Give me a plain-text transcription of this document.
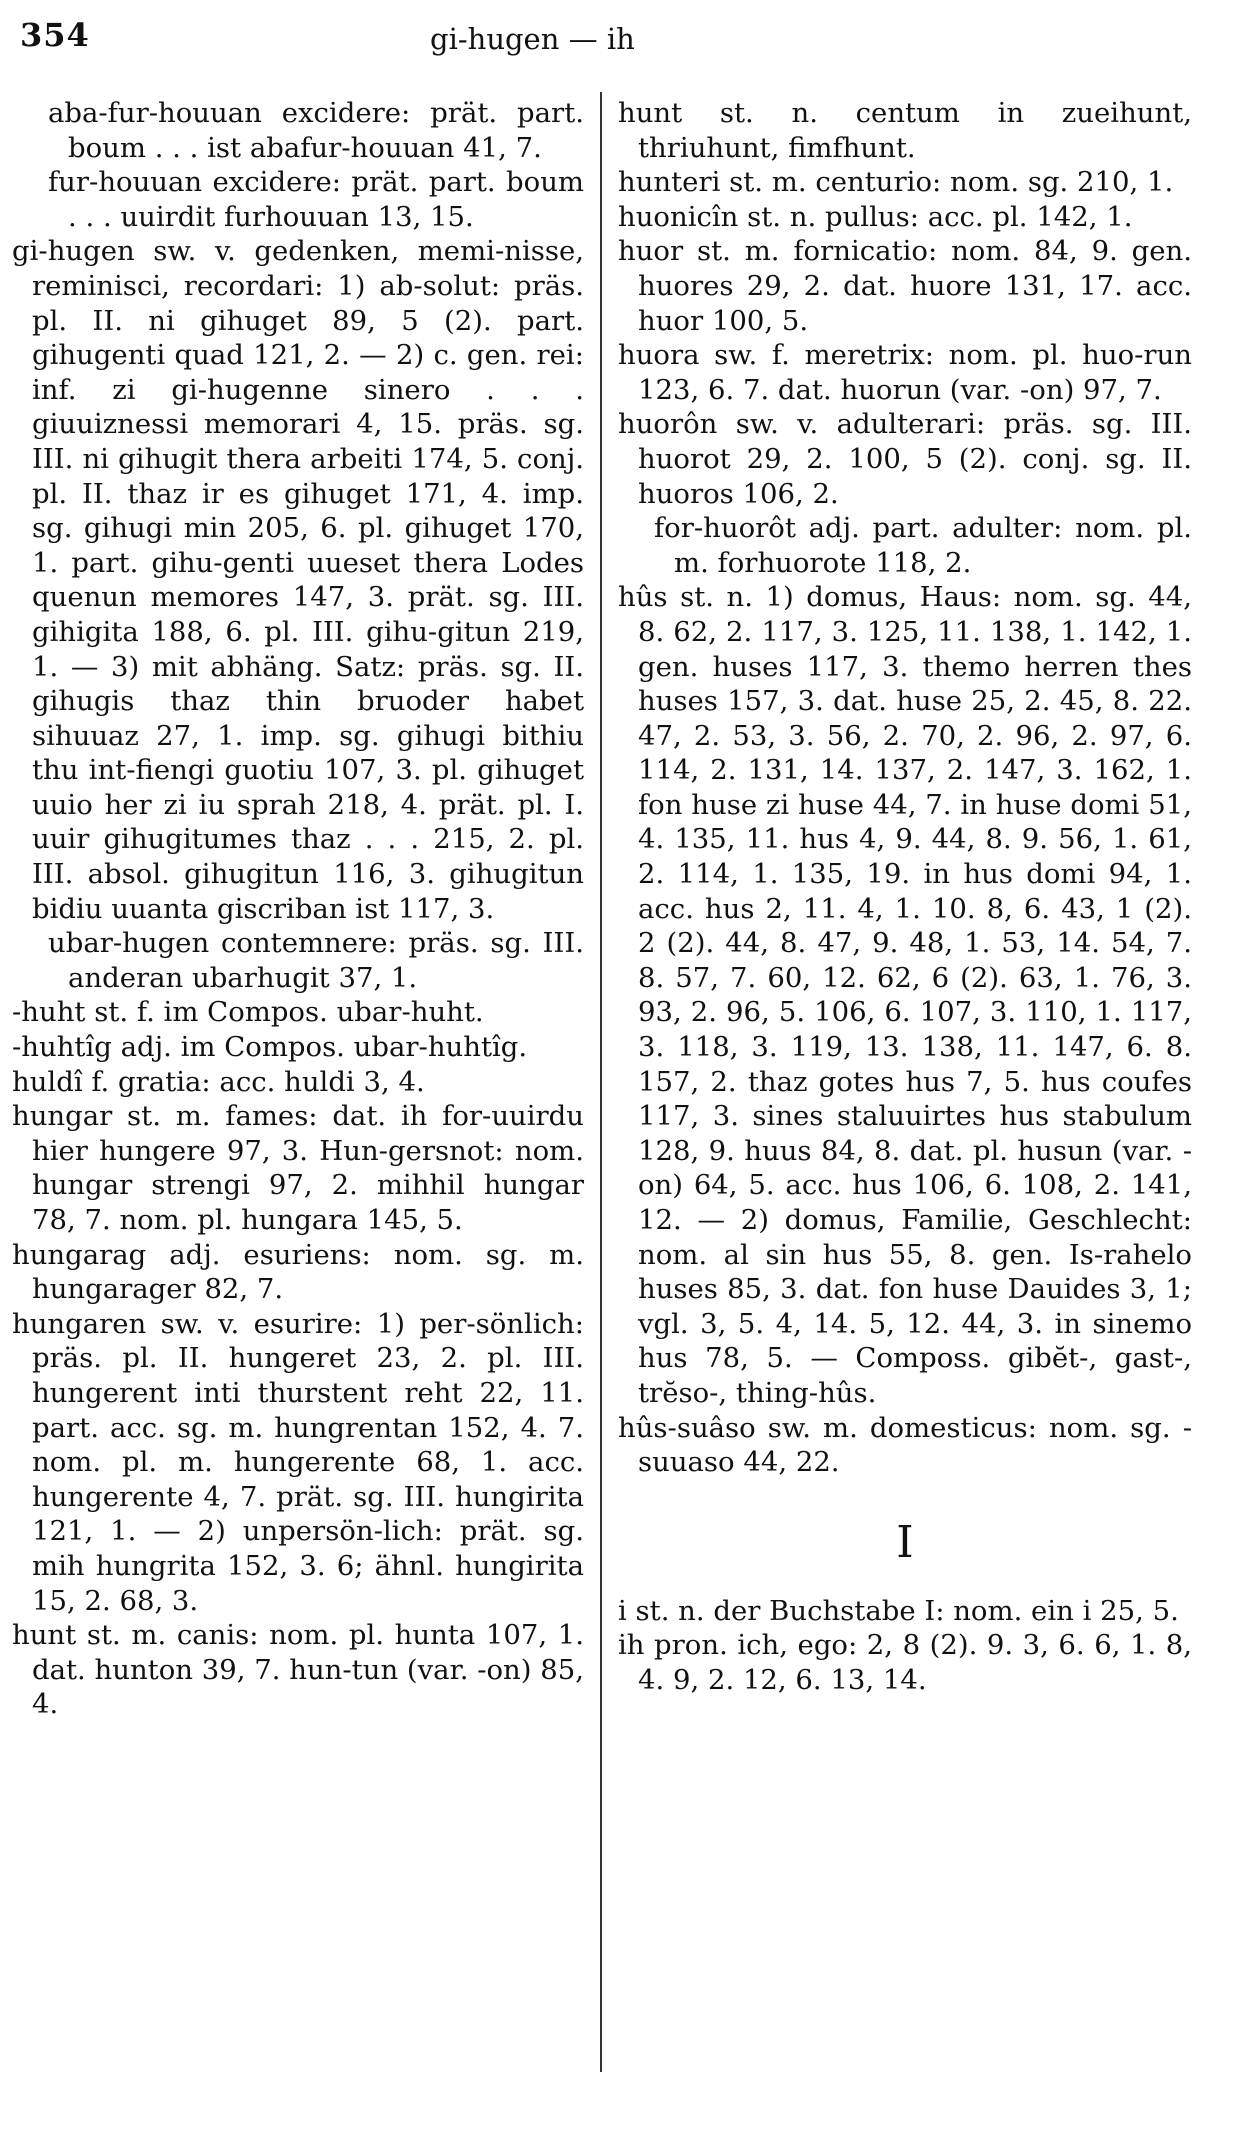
354	gi-hugen — ih

aba-fur-houuan excidere: prät. part. boum . . . ist abafur-houuan 41, 7.

fur-houuan excidere: prät. part. boum . . . uuirdit furhouuan 13, 15.

gi-hugen sw. v. gedenken, memi-nisse, reminisci, recordari: 1) ab-solut: präs. pl. II. ni gihuget 89, 5 (2). part. gihugenti quad 121, 2. — 2) c. gen. rei: inf. zi gi-hugenne sinero . . . giuuiznessi memorari 4, 15. präs. sg. III. ni gihugit thera arbeiti 174, 5. conj. pl. II. thaz ir es gihuget 171, 4. imp. sg. gihugi min 205, 6. pl. gihuget 170, 1. part. gihu-genti uueset thera Lodes quenun memores 147, 3. prät. sg. III. gihigita 188, 6. pl. III. gihu-gitun 219, 1. — 3) mit abhäng. Satz: präs. sg. II. gihugis thaz thin bruoder habet sihuuaz 27, 1. imp. sg. gihugi bithiu thu int-fiengi guotiu 107, 3. pl. gihuget uuio her zi iu sprah 218, 4. prät. pl. I. uuir gihugitumes thaz . . . 215, 2. pl. III. absol. gihugitun 116, 3. gihugitun bidiu uuanta giscriban ist 117, 3.

ubar-hugen contemnere: präs. sg. III. anderan ubarhugit 37, 1.

-huht st. f. im Compos. ubar-huht.

-huhtîg adj. im Compos. ubar-huhtîg.

huldî f. gratia: acc. huldi 3, 4.

hungar st. m. fames: dat. ih for-uuirdu hier hungere 97, 3. Hun-gersnot: nom. hungar strengi 97, 2. mihhil hungar 78, 7. nom. pl. hungara 145, 5.

hungarag adj. esuriens: nom. sg. m. hungarager 82, 7.

hungaren sw. v. esurire: 1) per-sönlich: präs. pl. II. hungeret 23, 2. pl. III. hungerent inti thurstent reht 22, 11. part. acc. sg. m. hungrentan 152, 4. 7. nom. pl. m. hungerente 68, 1. acc. hungerente 4, 7. prät. sg. III. hungirita 121, 1. — 2) unpersön-lich: prät. sg. mih hungrita 152, 3. 6; ähnl. hungirita 15, 2. 68, 3.

hunt st. m. canis: nom. pl. hunta 107, 1. dat. hunton 39, 7. hun-tun (var. -on) 85, 4.

hunt st. n. centum in zueihunt, thriuhunt, fimfhunt.

hunteri st. m. centurio: nom. sg. 210, 1.

huonicîn st. n. pullus: acc. pl. 142, 1.

huor st. m. fornicatio: nom. 84, 9. gen. huores 29, 2. dat. huore 131, 17. acc. huor 100, 5.

huora sw. f. meretrix: nom. pl. huo-run 123, 6. 7. dat. huorun (var. -on) 97, 7.

huorôn sw. v. adulterari: präs. sg. III. huorot 29, 2. 100, 5 (2). conj. sg. II. huoros 106, 2.

for-huorôt adj. part. adulter: nom. pl. m. forhuorote 118, 2.

hûs st. n. 1) domus, Haus: nom. sg. 44, 8. 62, 2. 117, 3. 125, 11. 138, 1. 142, 1. gen. huses 117, 3. themo herren thes huses 157, 3. dat. huse 25, 2. 45, 8. 22. 47, 2. 53, 3. 56, 2. 70, 2. 96, 2. 97, 6. 114, 2. 131, 14. 137, 2. 147, 3. 162, 1. fon huse zi huse 44, 7. in huse domi 51, 4. 135, 11. hus 4, 9. 44, 8. 9. 56, 1. 61, 2. 114, 1. 135, 19. in hus domi 94, 1. acc. hus 2, 11. 4, 1. 10. 8, 6. 43, 1 (2). 2 (2). 44, 8. 47, 9. 48, 1. 53, 14. 54, 7. 8. 57, 7. 60, 12. 62, 6 (2). 63, 1. 76, 3. 93, 2. 96, 5. 106, 6. 107, 3. 110, 1. 117, 3. 118, 3. 119, 13. 138, 11. 147, 6. 8. 157, 2. thaz gotes hus 7, 5. hus coufes 117, 3. sines staluuirtes hus stabulum 128, 9. huus 84, 8. dat. pl. husun (var. -on) 64, 5. acc. hus 106, 6. 108, 2. 141, 12. — 2) domus, Familie, Geschlecht: nom. al sin hus 55, 8. gen. Is-rahelo huses 85, 3. dat. fon huse Dauides 3, 1; vgl. 3, 5. 4, 14. 5, 12. 44, 3. in sinemo hus 78, 5. — Composs. gibĕt-, gast-, trĕso-, thing-hûs.

hûs-suâso sw. m. domesticus: nom. sg. -suuaso 44, 22.

I

i st. n. der Buchstabe I: nom. ein i 25, 5.

ih pron. ich, ego: 2, 8 (2). 9. 3, 6. 6, 1. 8, 4. 9, 2. 12, 6. 13, 14.
